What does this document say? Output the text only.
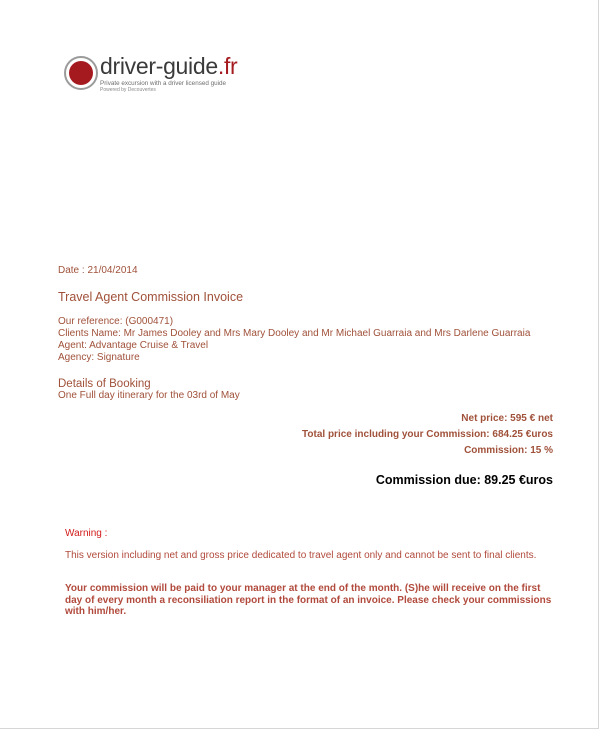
driver-guide.fr
Private excursion with a driver licensed guide
Powered by Decouvertes
Date : 21/04/2014
Travel Agent Commission Invoice
Our reference: (G000471)
Clients Name: Mr James Dooley and Mrs Mary Dooley and Mr Michael Guarraia and Mrs Darlene Guarraia
Agent: Advantage Cruise & Travel
Agency: Signature
Details of Booking
One Full day itinerary for the 03rd of May
Net price: 595 € net
Total price including your Commission: 684.25 €uros
Commission: 15 %
Commission due: 89.25 €uros
Warning :
This version including net and gross price dedicated to travel agent only and cannot be sent to final clients.
Your commission will be paid to your manager at the end of the month. (S)he will receive on the first day of every month a reconsiliation report in the format of an invoice. Please check your commissions with him/her.
